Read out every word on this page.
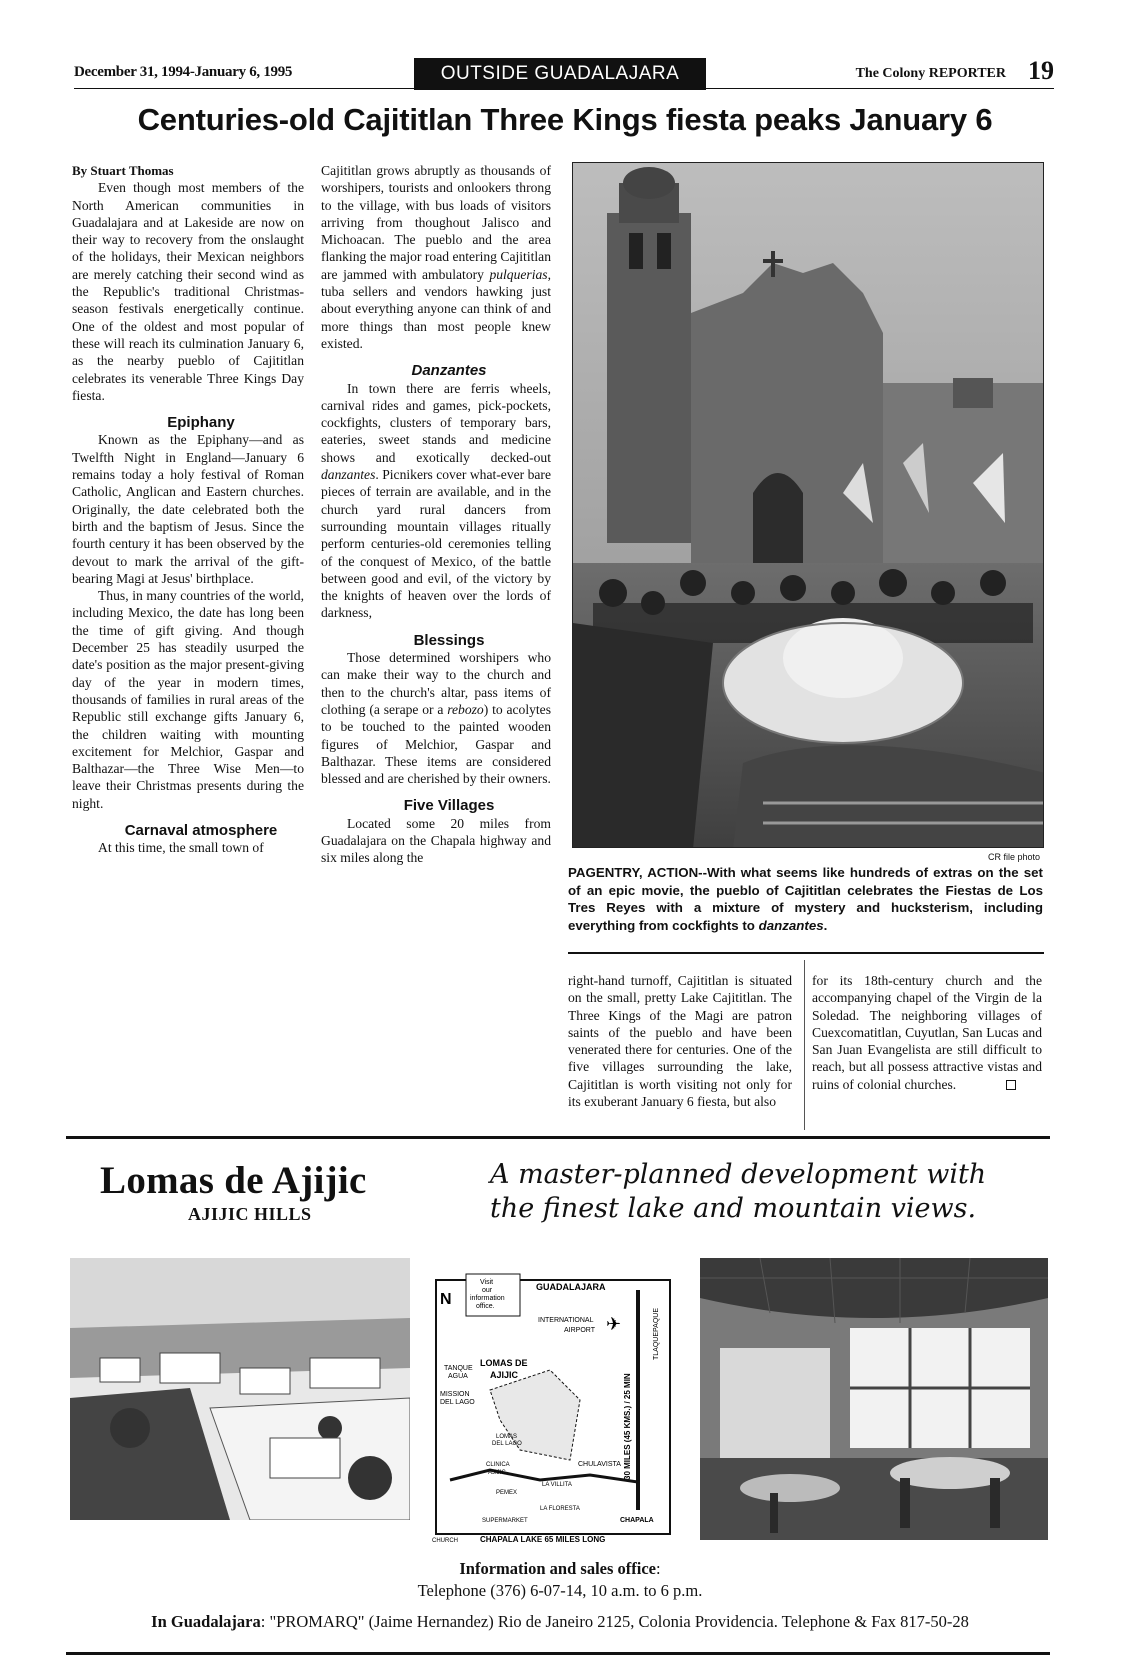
December 31, 1994-January 6, 1995	OUTSIDE GUADALAJARA	The Colony REPORTER 19
Centuries-old Cajititlan Three Kings fiesta peaks January 6

By Stuart Thomas

Even though most members of the North American communities in Guadalajara and at Lakeside are now on their way to recovery from the onslaught of the holidays, their Mexican neighbors are merely catching their second wind as the Republic's traditional Christmas-season festivals energetically continue. One of the oldest and most popular of these will reach its culmination January 6, as the nearby pueblo of Cajititlan celebrates its venerable Three Kings Day fiesta.

Epiphany

Known as the Epiphany—and as Twelfth Night in England—January 6 remains today a holy festival of Roman Catholic, Anglican and Eastern churches. Originally, the date celebrated both the birth and the baptism of Jesus. Since the fourth century it has been observed by the devout to mark the arrival of the gift-bearing Magi at Jesus' birthplace.

Thus, in many countries of the world, including Mexico, the date has long been the time of gift giving. And though December 25 has steadily usurped the date's position as the major present-giving day of the year in modern times, thousands of families in rural areas of the Republic still exchange gifts January 6, the children waiting with mounting excitement for Melchior, Gaspar and Balthazar—the Three Wise Men—to leave their Christmas presents during the night.

Carnaval atmosphere

At this time, the small town of

Cajititlan grows abruptly as thousands of worshipers, tourists and onlookers throng to the village, with bus loads of visitors arriving from thoughout Jalisco and Michoacan. The pueblo and the area flanking the major road entering Cajititlan are jammed with ambulatory pulquerias, tuba sellers and vendors hawking just about everything anyone can think of and more things than most people knew existed.

Danzantes

In town there are ferris wheels, carnival rides and games, pick-pockets, cockfights, clusters of temporary bars, eateries, sweet stands and medicine shows and exotically decked-out danzantes. Picnikers cover what-ever bare pieces of terrain are available, and in the church yard rural dancers from surrounding mountain villages ritually perform centuries-old ceremonies telling of the conquest of Mexico, of the battle between good and evil, of the victory by the knights of heaven over the lords of darkness,

Blessings

Those determined worshipers who can make their way to the church and then to the church's altar, pass items of clothing (a serape or a rebozo) to acolytes to be touched to the painted wooden figures of Melchior, Gaspar and Balthazar. These items are considered blessed and are cherished by their owners.

Five Villages

Located some 20 miles from Guadalajara on the Chapala highway and six miles along the	CR file photo
PAGENTRY, ACTION--With what seems like hundreds of extras on the set of an epic movie, the pueblo of Cajititlan celebrates the Fiestas de Los Tres Reyes with a mixture of mystery and hucksterism, including everything from cockfights to danzantes.

right-hand turnoff, Cajititlan is situated on the small, pretty Lake Cajititlan. The Three Kings of the Magi are patron saints of the pueblo and have been venerated there for centuries. One of the five villages surrounding the lake, Cajititlan is worth visiting not only for its exuberant January 6 fiesta, but also

for its 18th-century church and the accompanying chapel of the Virgin de la Soledad. The neighboring villages of Cuexcomatitlan, Cuyutlan, San Lucas and San Juan Evangelista are still difficult to reach, but all possess attractive vistas and ruins of colonial churches.

Lomas de Ajijic
AJIJIC HILLS
A master-planned development with
the finest lake and mountain views.
N
Visit
our
information
office.
GUADALAJARA
INTERNATIONAL
AIRPORT ✈	TLAQUEPAQUE
30 MILES (45 KMS.) / 25 MIN
TANQUE
AGUA
LOMAS DE
AJIJIC
MISSION
DEL LAGO
LOMAS
DEL LAGO
CLINICA
AJIJIC
CHULAVISTA
LA VILLITA
PEMEX
LA FLORESTA
SUPERMARKET	CHAPALA
CHURCH	CHAPALA LAKE 65 MILES LONG
Information and sales office:
Telephone (376) 6-07-14, 10 a.m. to 6 p.m.
In Guadalajara: "PROMARQ" (Jaime Hernandez) Rio de Janeiro 2125, Colonia Providencia. Telephone & Fax 817-50-28
